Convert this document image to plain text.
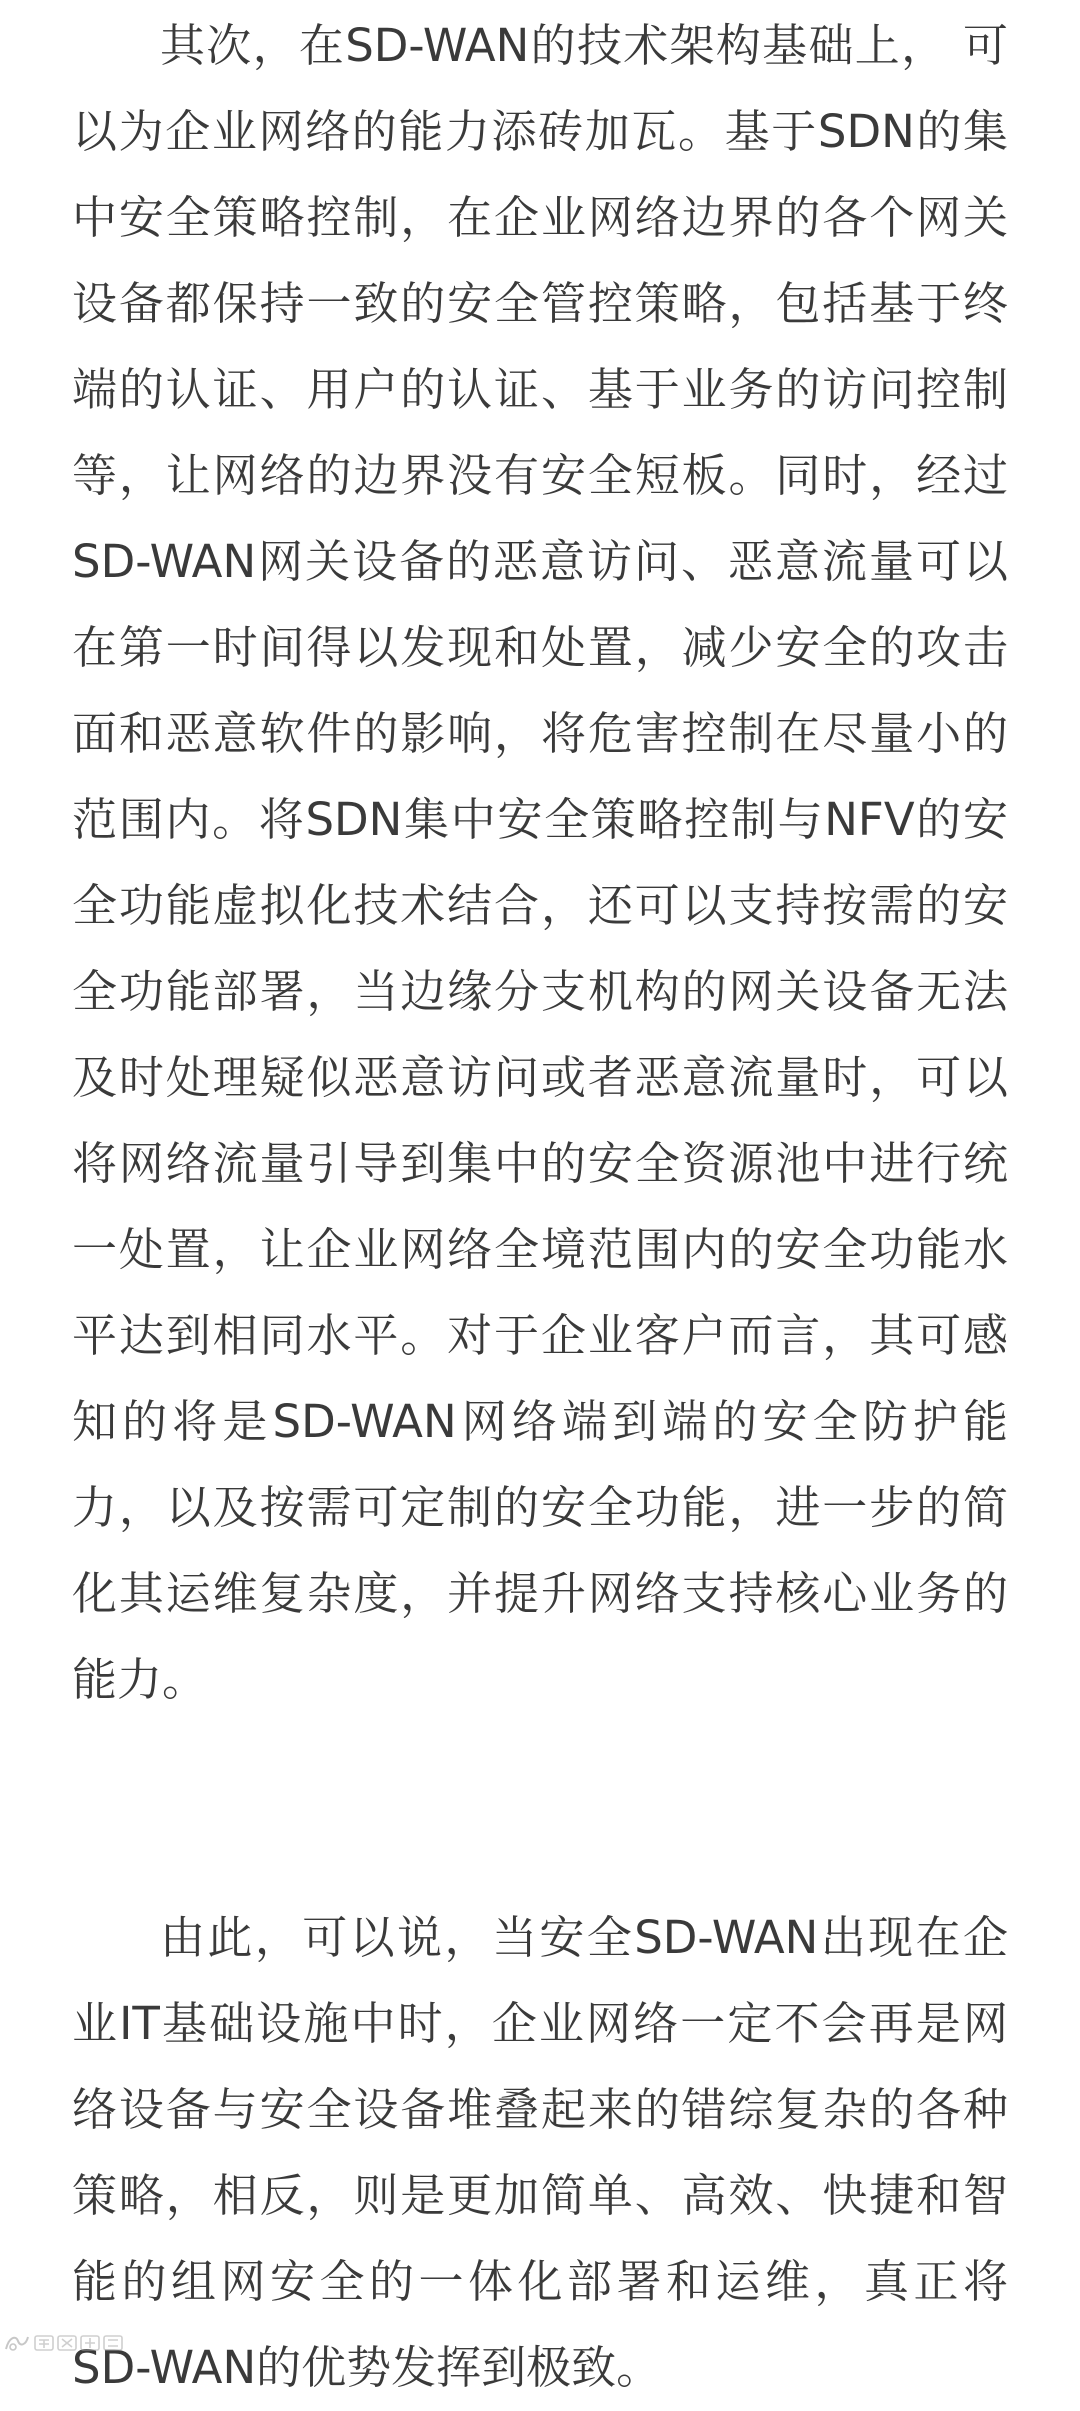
其次，在SD-WAN的技术架构基础上， 可
以为企业网络的能力添砖加瓦。基于SDN的集
中安全策略控制，在企业网络边界的各个网关
设备都保持一致的安全管控策略，包括基于终
端的认证、用户的认证、基于业务的访问控制
等，让网络的边界没有安全短板。同时，经过
SD-WAN网关设备的恶意访问、恶意流量可以
在第一时间得以发现和处置，减少安全的攻击
面和恶意软件的影响，将危害控制在尽量小的
范围内。将SDN集中安全策略控制与NFV的安
全功能虚拟化技术结合，还可以支持按需的安
全功能部署，当边缘分支机构的网关设备无法
及时处理疑似恶意访问或者恶意流量时，可以
将网络流量引导到集中的安全资源池中进行统
一处置，让企业网络全境范围内的安全功能水
平达到相同水平。对于企业客户而言，其可感
知的将是SD-WAN网络端到端的安全防护能
力，以及按需可定制的安全功能，进一步的简
化其运维复杂度，并提升网络支持核心业务的
能力。
由此，可以说，当安全SD-WAN出现在企
业IT基础设施中时，企业网络一定不会再是网
络设备与安全设备堆叠起来的错综复杂的各种
策略，相反，则是更加简单、高效、快捷和智
能的组网安全的一体化部署和运维，真正将
SD-WAN的优势发挥到极致。
